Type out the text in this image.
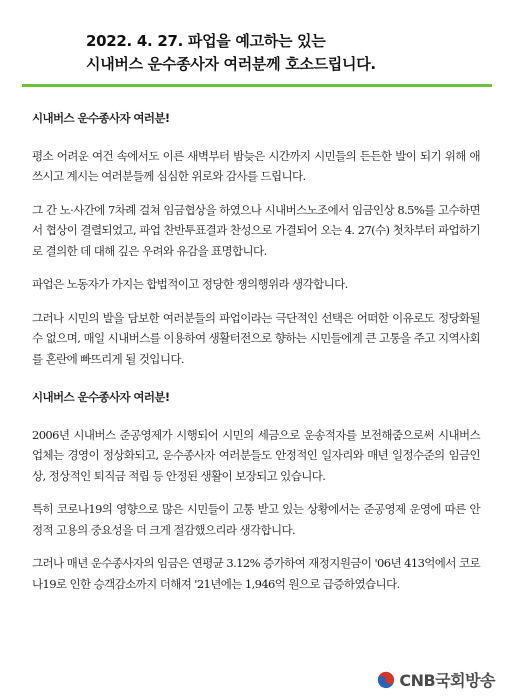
2022. 4. 27. 파업을 예고하는 있는
시내버스 운수종사자 여러분께 호소드립니다.
시내버스 운수종사자 여러분!
평소 어려운 여건 속에서도 이른 새벽부터 밤늦은 시간까지 시민들의 든든한 발이 되기 위해 애쓰시고 계시는 여러분들께 심심한 위로와 감사를 드립니다.
그 간 노·사간에 7차례 걸쳐 임금협상을 하였으나 시내버스노조에서 임금인상 8.5%를 고수하면서 협상이 결렬되었고, 파업 찬반투표결과 찬성으로 가결되어 오는 4. 27(수) 첫차부터 파업하기로 결의한 데 대해 깊은 우려와 유감을 표명합니다.
파업은 노동자가 가지는 합법적이고 정당한 쟁의행위라 생각합니다.
그러나 시민의 발을 담보한 여러분들의 파업이라는 극단적인 선택은 어떠한 이유로도 정당화될 수 없으며, 매일 시내버스를 이용하여 생활터전으로 향하는 시민들에게 큰 고통을 주고 지역사회를 혼란에 빠뜨리게 될 것입니다.
시내버스 운수종사자 여러분!
2006년 시내버스 준공영제가 시행되어 시민의 세금으로 운송적자를 보전해줌으로써 시내버스업체는 경영이 정상화되고, 운수종사자 여러분들도 안정적인 일자리와 매년 일정수준의 임금인상, 정상적인 퇴직금 적립 등 안정된 생활이 보장되고 있습니다.
특히 코로나19의 영향으로 많은 시민들이 고통 받고 있는 상황에서는 준공영제 운영에 따른 안정적 고용의 중요성을 더 크게 절감했으리라 생각합니다.
그러나 매년 운수종사자의 임금은 연평균 3.12% 증가하여 재정지원금이 '06년 413억에서 코로나19로 인한 승객감소까지 더해져 '21년에는 1,946억 원으로 급증하였습니다.
CNB국회방송
